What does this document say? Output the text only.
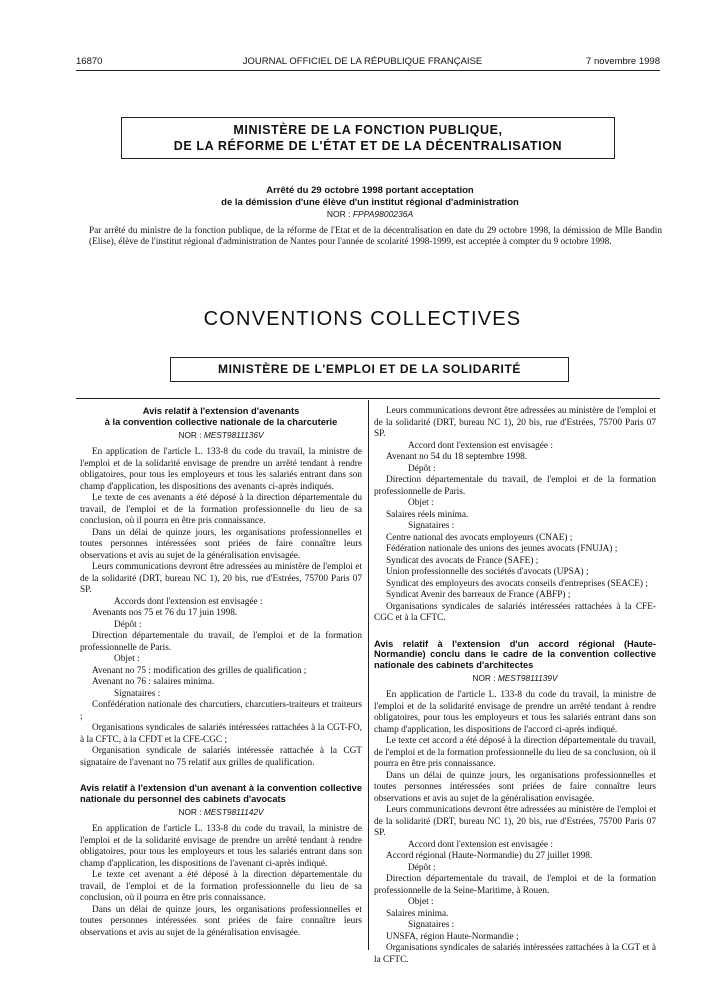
16870	JOURNAL OFFICIEL DE LA RÉPUBLIQUE FRANÇAISE	7 novembre 1998
MINISTÈRE DE LA FONCTION PUBLIQUE,
DE LA RÉFORME DE L'ÉTAT ET DE LA DÉCENTRALISATION
Arrêté du 29 octobre 1998 portant acceptation
de la démission d'une élève d'un institut régional d'administration
NOR : FPPA9800236A
Par arrêté du ministre de la fonction publique, de la réforme de l'Etat et de la décentralisation en date du 29 octobre 1998, la démission de Mlle Bandin (Elise), élève de l'institut régional d'administration de Nantes pour l'année de scolarité 1998-1999, est acceptée à compter du 9 octobre 1998.
CONVENTIONS COLLECTIVES
MINISTÈRE DE L'EMPLOI ET DE LA SOLIDARITÉ

Avis relatif à l'extension d'avenants

à la convention collective nationale de la charcuterie

NOR : MEST9811136V

En application de l'article L. 133-8 du code du travail, la ministre de l'emploi et de la solidarité envisage de prendre un arrêté tendant à rendre obligatoires, pour tous les employeurs et tous les salariés entrant dans son champ d'application, les dispositions des avenants ci-après indiqués.

Le texte de ces avenants a été déposé à la direction départementale du travail, de l'emploi et de la formation professionnelle du lieu de sa conclusion, où il pourra en être pris connaissance.

Dans un délai de quinze jours, les organisations professionnelles et toutes personnes intéressées sont priées de faire connaître leurs observations et avis au sujet de la généralisation envisagée.

Leurs communications devront être adressées au ministère de l'emploi et de la solidarité (DRT, bureau NC 1), 20 bis, rue d'Estrées, 75700 Paris 07 SP.

Accords dont l'extension est envisagée :

Avenants nos 75 et 76 du 17 juin 1998.

Dépôt :

Direction départementale du travail, de l'emploi et de la formation professionnelle de Paris.

Objet :

Avenant no 75 : modification des grilles de qualification ;

Avenant no 76 : salaires minima.

Signataires :

Confédération nationale des charcutiers, charcutiers-traiteurs et traiteurs ;

Organisations syndicales de salariés intéressées rattachées à la CGT-FO, à la CFTC, à la CFDT et la CFE-CGC ;

Organisation syndicale de salariés intéressée rattachée à la CGT signataire de l'avenant no 75 relatif aux grilles de qualification.

Avis relatif à l'extension d'un avenant à la convention collective nationale du personnel des cabinets d'avocats

NOR : MEST9811142V

En application de l'article L. 133-8 du code du travail, la ministre de l'emploi et de la solidarité envisage de prendre un arrêté tendant à rendre obligatoires, pour tous les employeurs et tous les salariés entrant dans son champ d'application, les dispositions de l'avenant ci-après indiqué.

Le texte cet avenant a été déposé à la direction départementale du travail, de l'emploi et de la formation professionnelle du lieu de sa conclusion, où il pourra en être pris connaissance.

Dans un délai de quinze jours, les organisations professionnelles et toutes personnes intéressées sont priées de faire connaître leurs observations et avis au sujet de la généralisation envisagée.

Leurs communications devront être adressées au ministère de l'emploi et de la solidarité (DRT, bureau NC 1), 20 bis, rue d'Estrées, 75700 Paris 07 SP.

Accord dont l'extension est envisagée :

Avenant no 54 du 18 septembre 1998.

Dépôt :

Direction départementale du travail, de l'emploi et de la formation professionnelle de Paris.

Objet :

Salaires réels minima.

Signataires :

Centre national des avocats employeurs (CNAE) ;

Fédération nationale des unions des jeunes avocats (FNUJA) ;

Syndicat des avocats de France (SAFE) ;

Union professionnelle des sociétés d'avocats (UPSA) ;

Syndicat des employeurs des avocats conseils d'entreprises (SEACE) ;

Syndicat Avenir des barreaux de France (ABFP) ;

Organisations syndicales de salariés intéressées rattachées à la CFE-CGC et à la CFTC.

Avis relatif à l'extension d'un accord régional (Haute-Normandie) conclu dans le cadre de la convention collective nationale des cabinets d'architectes

NOR : MEST9811139V

En application de l'article L. 133-8 du code du travail, la ministre de l'emploi et de la solidarité envisage de prendre un arrêté tendant à rendre obligatoires, pour tous les employeurs et tous les salariés entrant dans son champ d'application, les dispositions de l'accord ci-après indiqué.

Le texte cet accord a été déposé à la direction départementale du travail, de l'emploi et de la formation professionnelle du lieu de sa conclusion, où il pourra en être pris connaissance.

Dans un délai de quinze jours, les organisations professionnelles et toutes personnes intéressées sont priées de faire connaître leurs observations et avis au sujet de la généralisation envisagée.

Leurs communications devront être adressées au ministère de l'emploi et de la solidarité (DRT, bureau NC 1), 20 bis, rue d'Estrées, 75700 Paris 07 SP.

Accord dont l'extension est envisagée :

Accord régional (Haute-Normandie) du 27 juillet 1998.

Dépôt :

Direction départementale du travail, de l'emploi et de la formation professionnelle de la Seine-Maritime, à Rouen.

Objet :

Salaires minima.

Signataires :

UNSFA, région Haute-Normandie ;

Organisations syndicales de salariés intéressées rattachées à la CGT et à la CFTC.
